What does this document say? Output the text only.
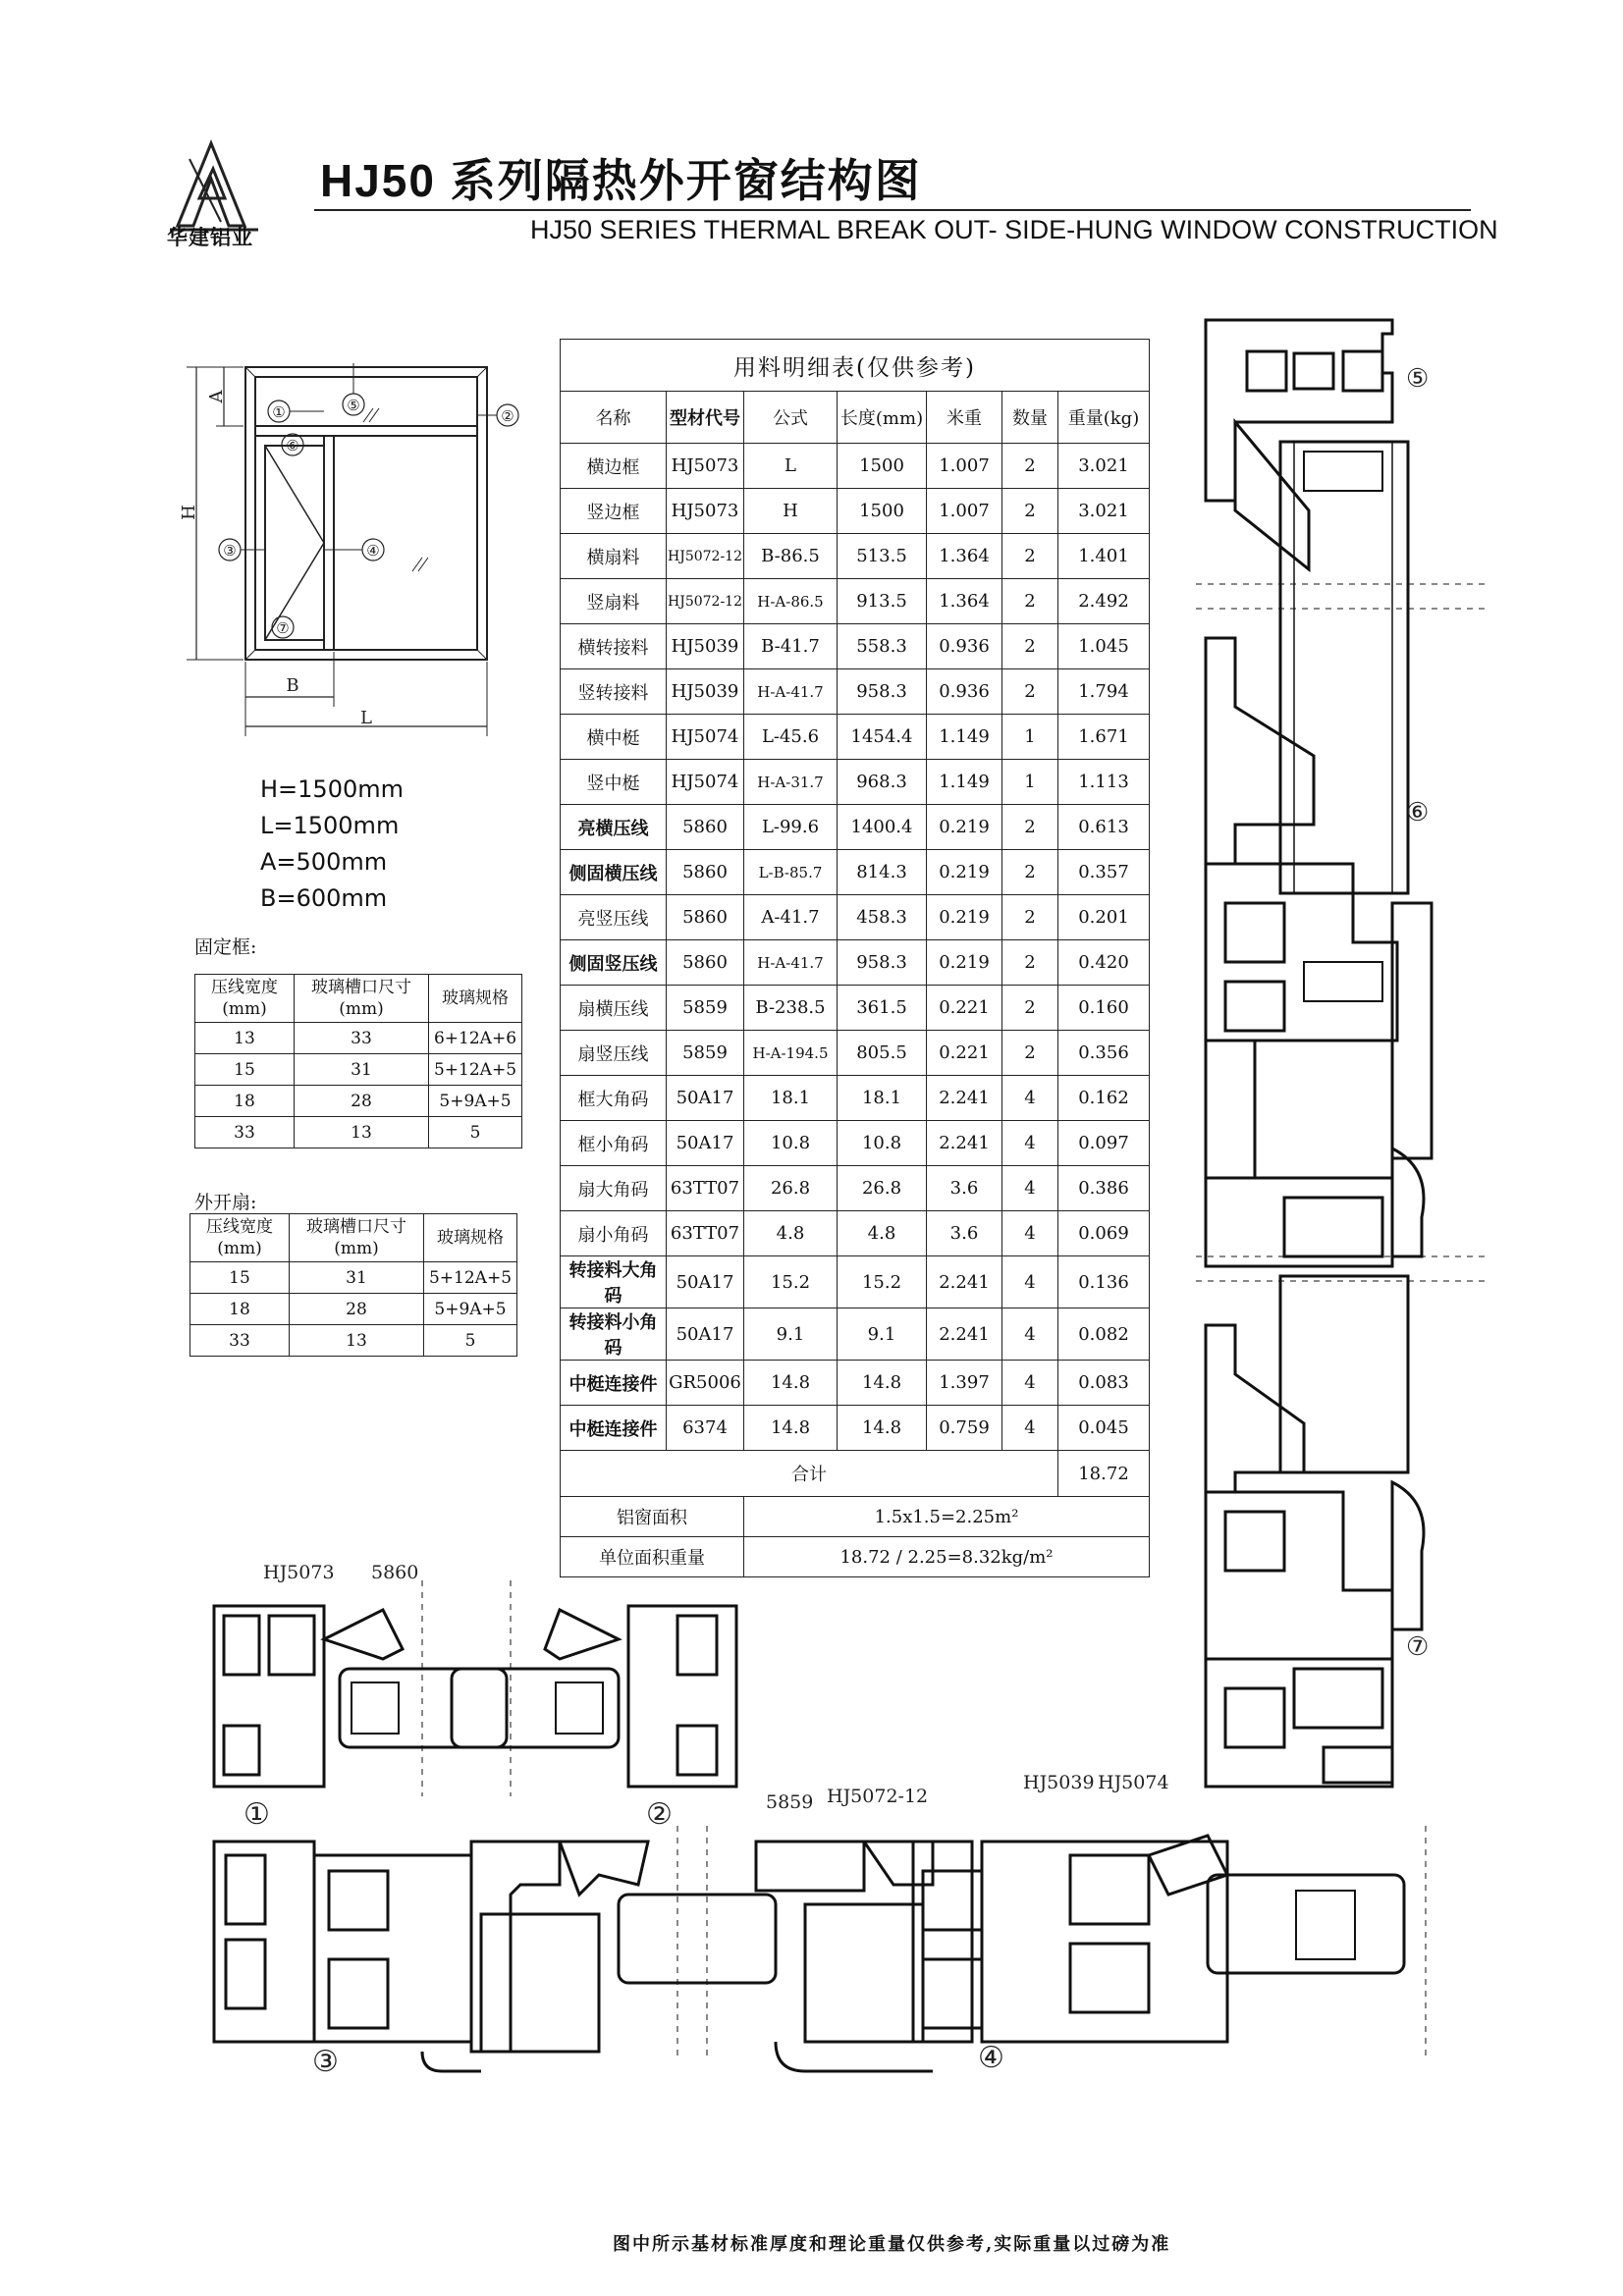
华建铝业
HJ50 系列隔热外开窗结构图
HJ50 SERIES THERMAL BREAK OUT- SIDE-HUNG WINDOW CONSTRUCTION
A
H
B
L
①	②
③	④
⑤
⑥
⑦
H=1500mm
L=1500mm
A=500mm
B=600mm
固定框:
压线宽度(mm)	玻璃槽口尺寸(mm)	玻璃规格
13	33	6+12A+6
15	31	5+12A+5
18	28	5+9A+5
33	13	5
外开扇:
压线宽度(mm)	玻璃槽口尺寸(mm)	玻璃规格
15	31	5+12A+5
18	28	5+9A+5
33	13	5
用料明细表(仅供参考)						
名称	型材代号	公式	长度(mm)	米重	数量	重量(kg)
横边框	HJ5073	L	1500	1.007	2	3.021
竖边框	HJ5073	H	1500	1.007	2	3.021
横扇料	HJ5072-12	B-86.5	513.5	1.364	2	1.401
竖扇料	HJ5072-12	H-A-86.5	913.5	1.364	2	2.492
横转接料	HJ5039	B-41.7	558.3	0.936	2	1.045
竖转接料	HJ5039	H-A-41.7	958.3	0.936	2	1.794
横中梃	HJ5074	L-45.6	1454.4	1.149	1	1.671
竖中梃	HJ5074	H-A-31.7	968.3	1.149	1	1.113
亮横压线	5860	L-99.6	1400.4	0.219	2	0.613
侧固横压线	5860	L-B-85.7	814.3	0.219	2	0.357
亮竖压线	5860	A-41.7	458.3	0.219	2	0.201
侧固竖压线	5860	H-A-41.7	958.3	0.219	2	0.420
扇横压线	5859	B-238.5	361.5	0.221	2	0.160
扇竖压线	5859	H-A-194.5	805.5	0.221	2	0.356
框大角码	50A17	18.1	18.1	2.241	4	0.162
框小角码	50A17	10.8	10.8	2.241	4	0.097
扇大角码	63TT07	26.8	26.8	3.6	4	0.386
扇小角码	63TT07	4.8	4.8	3.6	4	0.069
转接料大角码	50A17	15.2	15.2	2.241	4	0.136
转接料小角码	50A17	9.1	9.1	2.241	4	0.082
中梃连接件	GR5006	14.8	14.8	1.397	4	0.083
中梃连接件	6374	14.8	14.8	0.759	4	0.045
合计						18.72
铝窗面积		1.5x1.5=2.25m²				
单位面积重量		18.72 / 2.25=8.32kg/m²				
⑤
⑥
⑦
HJ5073 5860
5859 HJ5072-12
HJ5039 HJ5074
①	②
③	④
图中所示基材标准厚度和理论重量仅供参考,实际重量以过磅为准
